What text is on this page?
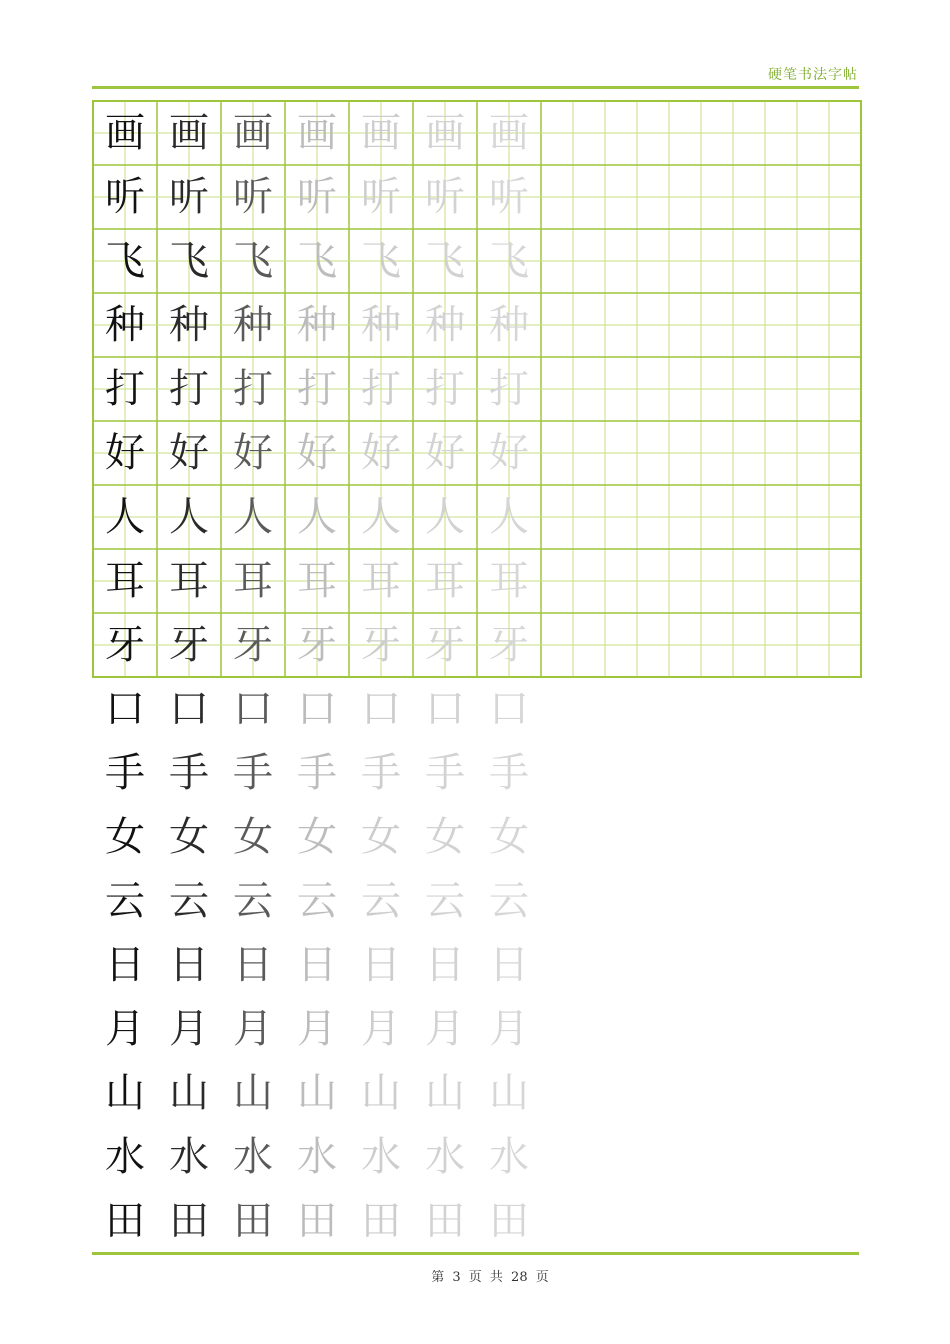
硬笔书法字帖
画 画 画 画 画 画 画
听 听 听 听 听 听 听
飞 飞 飞 飞 飞 飞 飞
种 种 种 种 种 种 种
打 打 打 打 打 打 打
好 好 好 好 好 好 好
人 人 人 人 人 人 人
耳 耳 耳 耳 耳 耳 耳
牙 牙 牙 牙 牙 牙 牙
口 口 口 口 口 口 口
手 手 手 手 手 手 手
女 女 女 女 女 女 女
云 云 云 云 云 云 云
日 日 日 日 日 日 日
月 月 月 月 月 月 月
山 山 山 山 山 山 山
水 水 水 水 水 水 水
田 田 田 田 田 田 田
第 3 页 共 28 页
